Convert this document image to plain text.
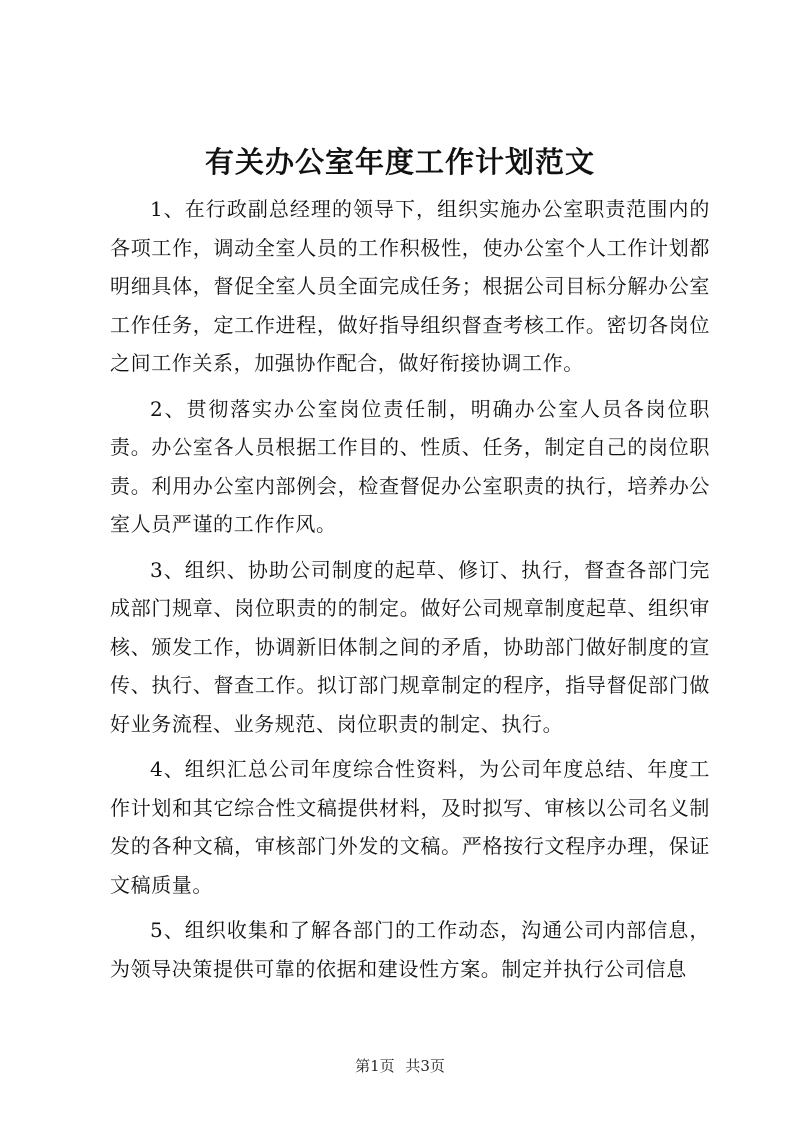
有关办公室年度工作计划范文

1、在行政副总经理的领导下，组织实施办公室职责范围内的各项工作，调动全室人员的工作积极性，使办公室个人工作计划都明细具体，督促全室人员全面完成任务；根据公司目标分解办公室工作任务，定工作进程，做好指导组织督查考核工作。密切各岗位之间工作关系，加强协作配合，做好衔接协调工作。

2、贯彻落实办公室岗位责任制，明确办公室人员各岗位职责。办公室各人员根据工作目的、性质、任务，制定自己的岗位职责。利用办公室内部例会，检查督促办公室职责的执行，培养办公室人员严谨的工作作风。

3、组织、协助公司制度的起草、修订、执行，督查各部门完成部门规章、岗位职责的的制定。做好公司规章制度起草、组织审核、颁发工作，协调新旧体制之间的矛盾，协助部门做好制度的宣传、执行、督查工作。拟订部门规章制定的程序，指导督促部门做好业务流程、业务规范、岗位职责的制定、执行。

4、组织汇总公司年度综合性资料，为公司年度总结、年度工作计划和其它综合性文稿提供材料，及时拟写、审核以公司名义制发的各种文稿，审核部门外发的文稿。严格按行文程序办理，保证文稿质量。

5、组织收集和了解各部门的工作动态，沟通公司内部信息，为领导决策提供可靠的依据和建设性方案。制定并执行公司信息

第1页 共3页
